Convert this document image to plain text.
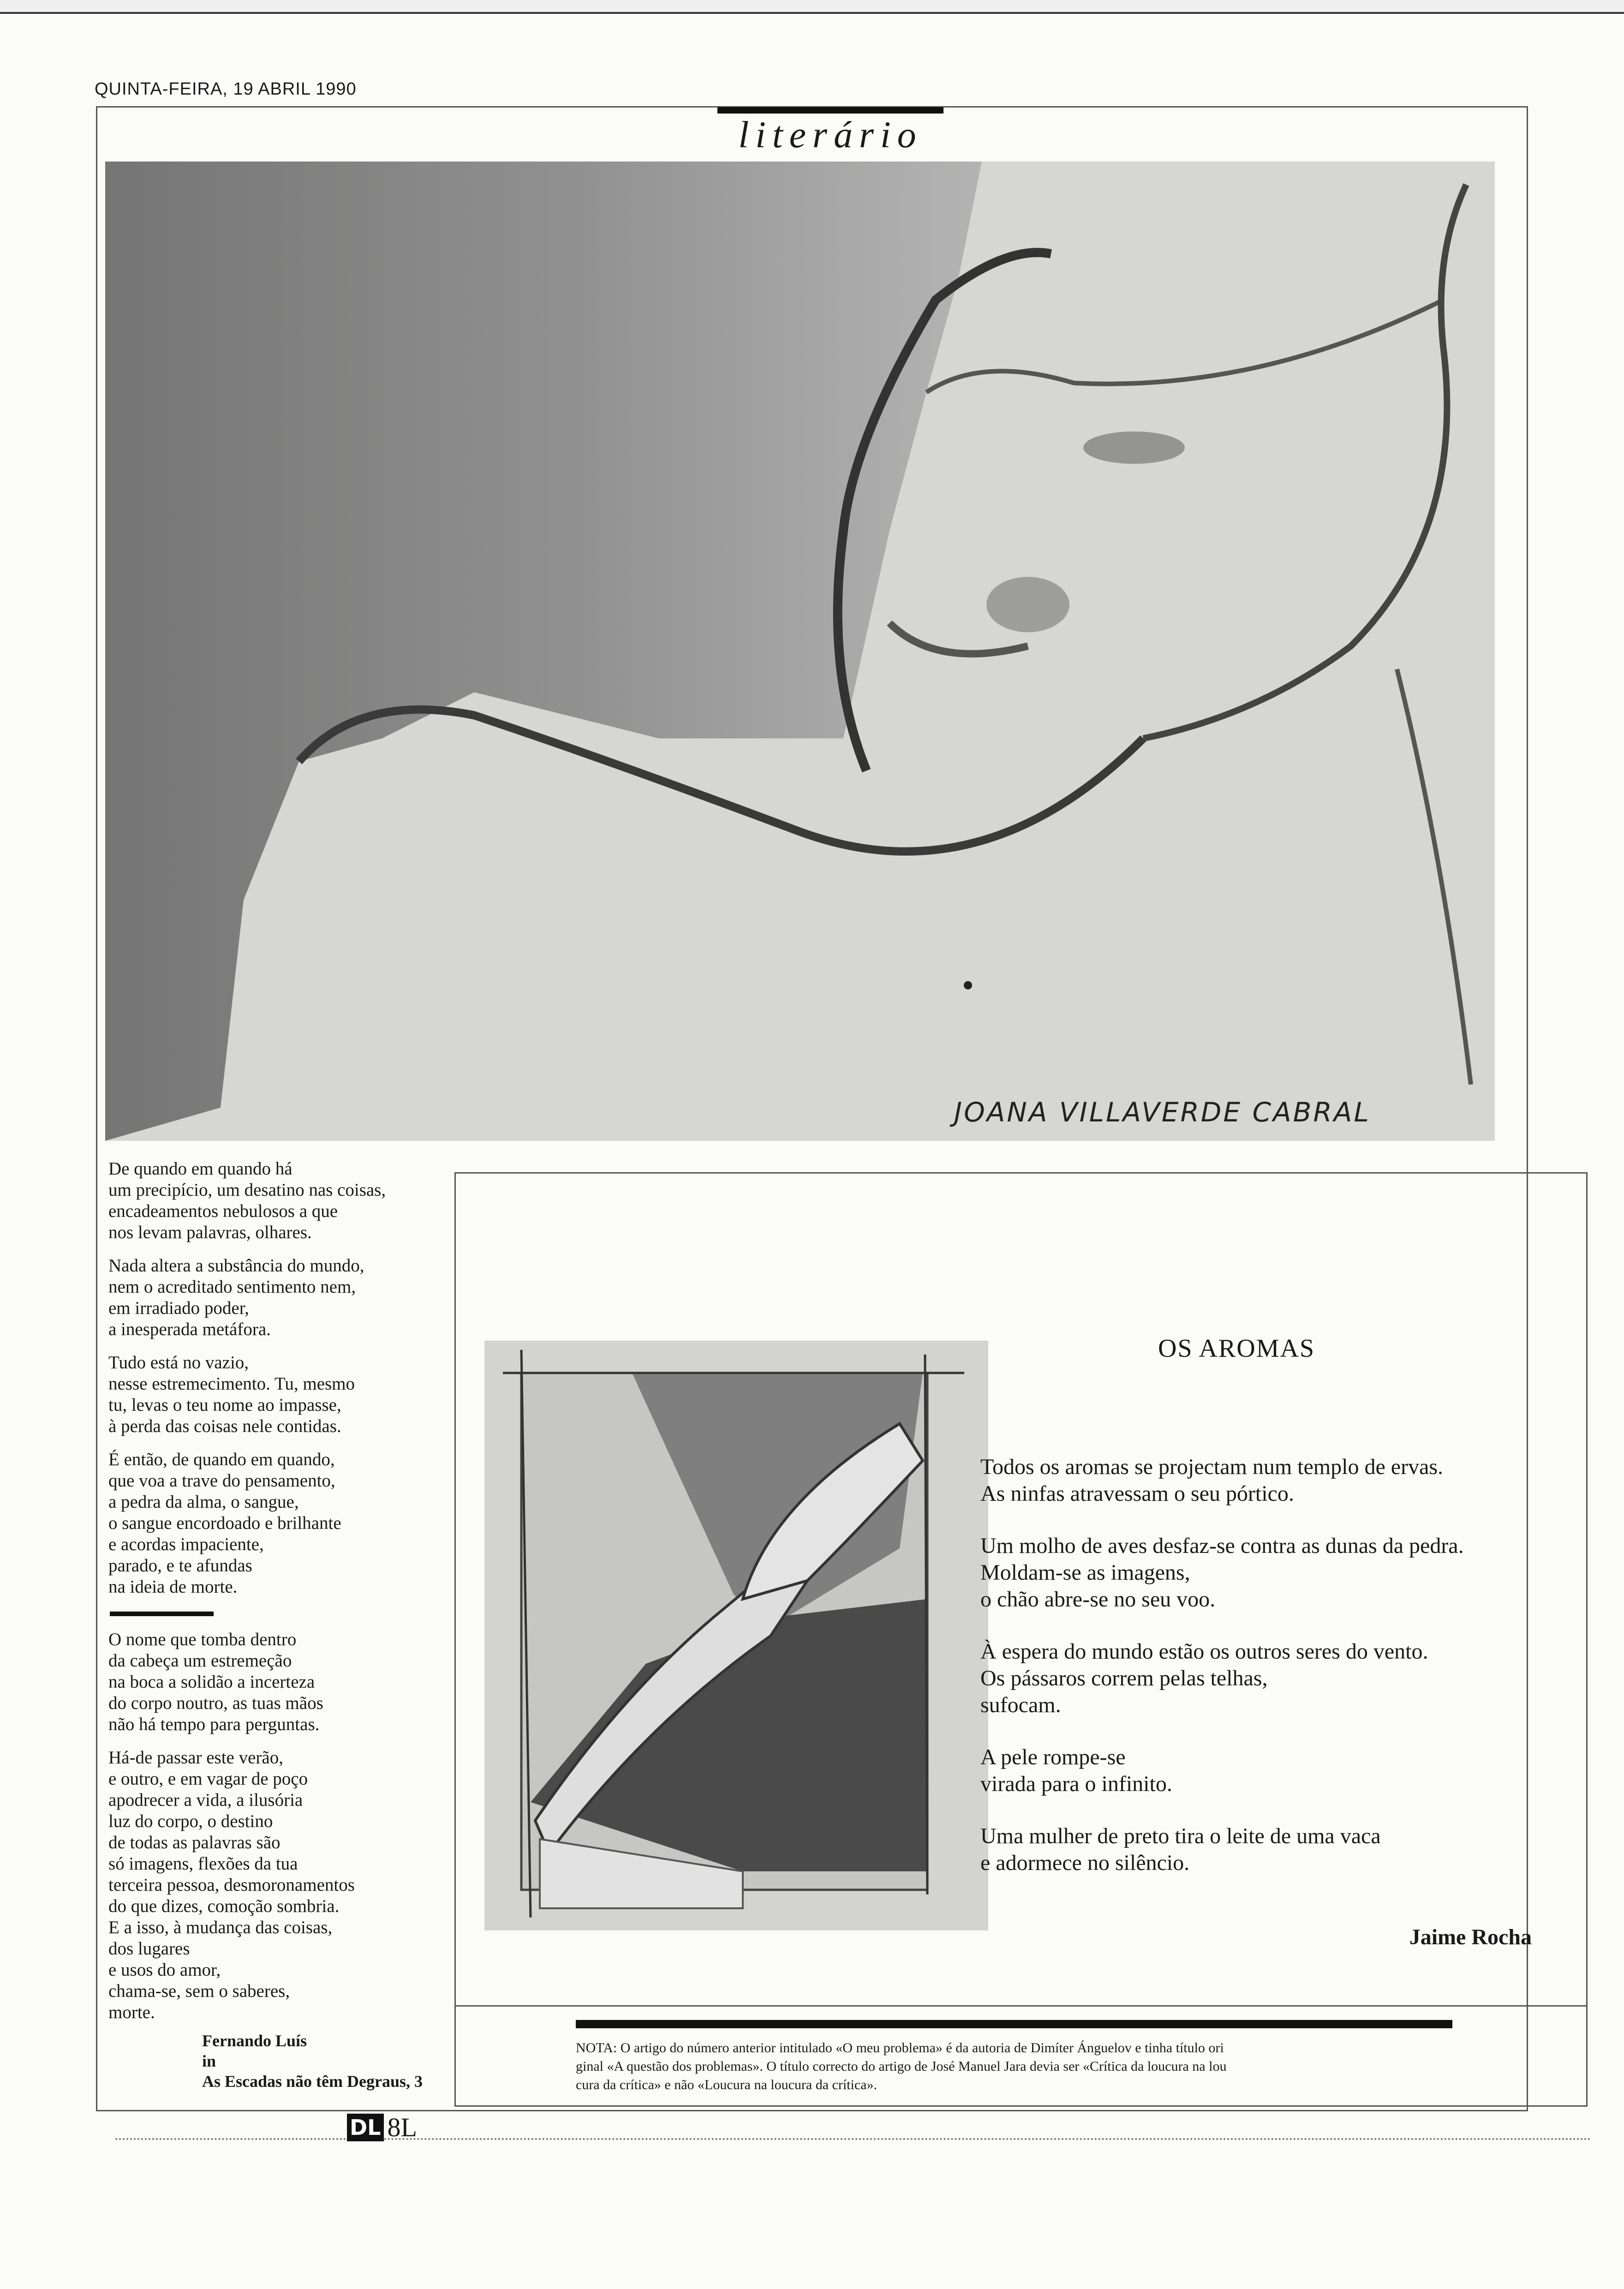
QUINTA-FEIRA, 19 ABRIL 1990
literário
JOANA VILLAVERDE CABRAL
De quando em quando há
um precipício, um desatino nas coisas,
encadeamentos nebulosos a que
nos levam palavras, olhares.
Nada altera a substância do mundo,
nem o acreditado sentimento nem,
em irradiado poder,
a inesperada metáfora.
Tudo está no vazio,
nesse estremecimento. Tu, mesmo
tu, levas o teu nome ao impasse,
à perda das coisas nele contidas.
É então, de quando em quando,
que voa a trave do pensamento,
a pedra da alma, o sangue,
o sangue encordoado e brilhante
e acordas impaciente,
parado, e te afundas
na ideia de morte.
O nome que tomba dentro
da cabeça um estremeção
na boca a solidão a incerteza
do corpo noutro, as tuas mãos
não há tempo para perguntas.
Há-de passar este verão,
e outro, e em vagar de poço
apodrecer a vida, a ilusória
luz do corpo, o destino
de todas as palavras são
só imagens, flexões da tua
terceira pessoa, desmoronamentos
do que dizes, comoção sombria.
E a isso, à mudança das coisas,
dos lugares
e usos do amor,
chama-se, sem o saberes,
morte.
Fernando Luís
in
As Escadas não têm Degraus, 3
OS AROMAS
Todos os aromas se projectam num templo de ervas.
As ninfas atravessam o seu pórtico.
Um molho de aves desfaz-se contra as dunas da pedra.
Moldam-se as imagens,
o chão abre-se no seu voo.
À espera do mundo estão os outros seres do vento.
Os pássaros correm pelas telhas,
sufocam.
A pele rompe-se
virada para o infinito.
Uma mulher de preto tira o leite de uma vaca
e adormece no silêncio.
Jaime Rocha
NOTA: O artigo do número anterior intitulado «O meu problema» é da autoria de Dimíter Ánguelov e tinha título ori
ginal «A questão dos problemas». O título correcto do artigo de José Manuel Jara devia ser «Crítica da loucura na lou
cura da crítica» e não «Loucura na loucura da crítica».
DL 8L
